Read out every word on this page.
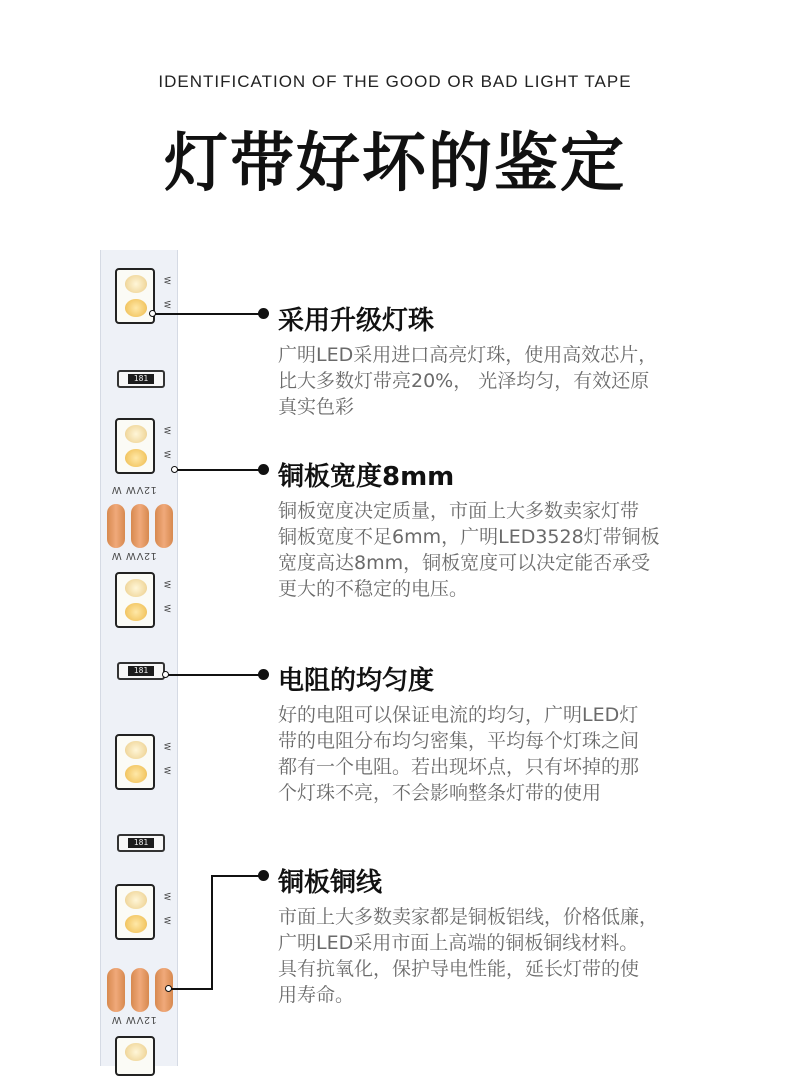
IDENTIFICATION OF THE GOOD OR BAD LIGHT TAPE
灯带好坏的鉴定
W
W
181
W
W
12VW W
12VW W
W
W
181
W
W
181
W
W
12VW W
采用升级灯珠
广明LED采用进口高亮灯珠，使用高效芯片，
比大多数灯带亮20%， 光泽均匀，有效还原
真实色彩
铜板宽度8mm
铜板宽度决定质量，市面上大多数卖家灯带
铜板宽度不足6mm，广明LED3528灯带铜板
宽度高达8mm，铜板宽度可以决定能否承受
更大的不稳定的电压。
电阻的均匀度
好的电阻可以保证电流的均匀，广明LED灯
带的电阻分布均匀密集，平均每个灯珠之间
都有一个电阻。若出现坏点，只有坏掉的那
个灯珠不亮，不会影响整条灯带的使用
铜板铜线
市面上大多数卖家都是铜板铝线，价格低廉，
广明LED采用市面上高端的铜板铜线材料。
具有抗氧化，保护导电性能，延长灯带的使
用寿命。
